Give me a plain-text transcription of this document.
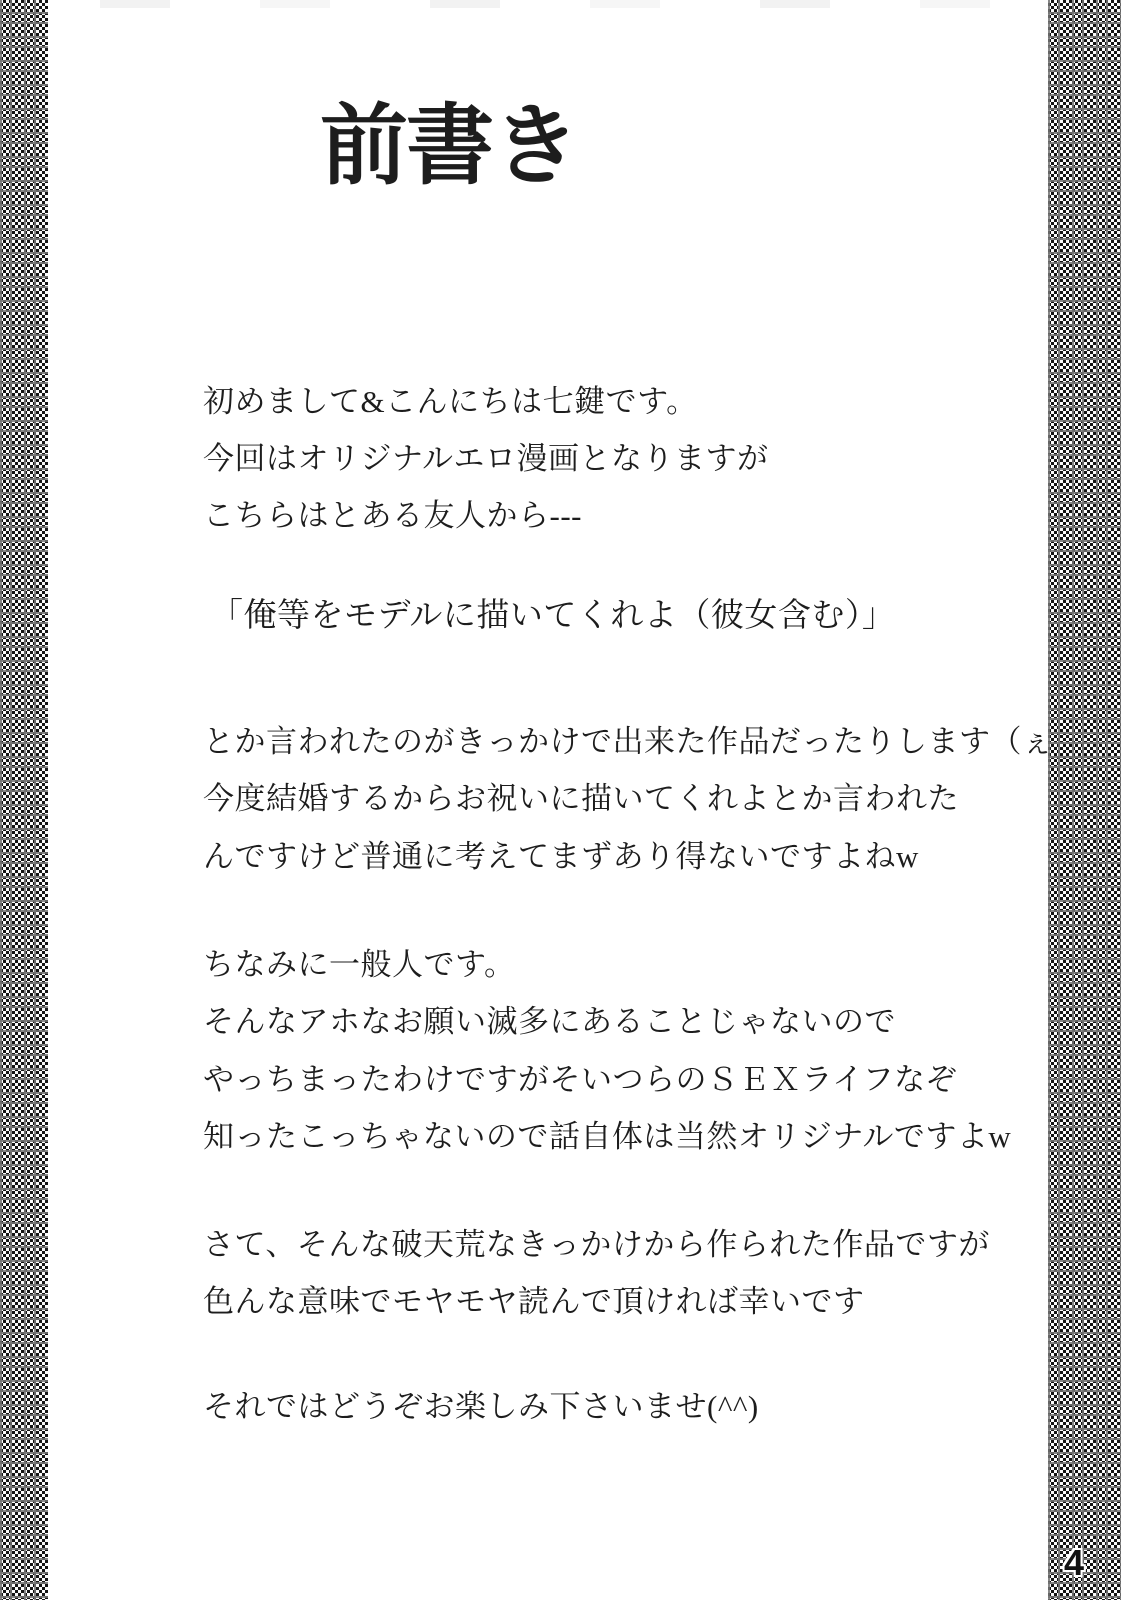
前書き
初めまして&こんにちは七鍵です。
今回はオリジナルエロ漫画となりますが
こちらはとある友人から---
「俺等をモデルに描いてくれよ（彼女含む）」
とか言われたのがきっかけで出来た作品だったりします（ぇ
今度結婚するからお祝いに描いてくれよとか言われた
んですけど普通に考えてまずあり得ないですよねw
ちなみに一般人です。
そんなアホなお願い滅多にあることじゃないので
やっちまったわけですがそいつらのＳＥＸライフなぞ
知ったこっちゃないので話自体は当然オリジナルですよw
さて、そんな破天荒なきっかけから作られた作品ですが
色んな意味でモヤモヤ読んで頂ければ幸いです
それではどうぞお楽しみ下さいませ(^^)
4
